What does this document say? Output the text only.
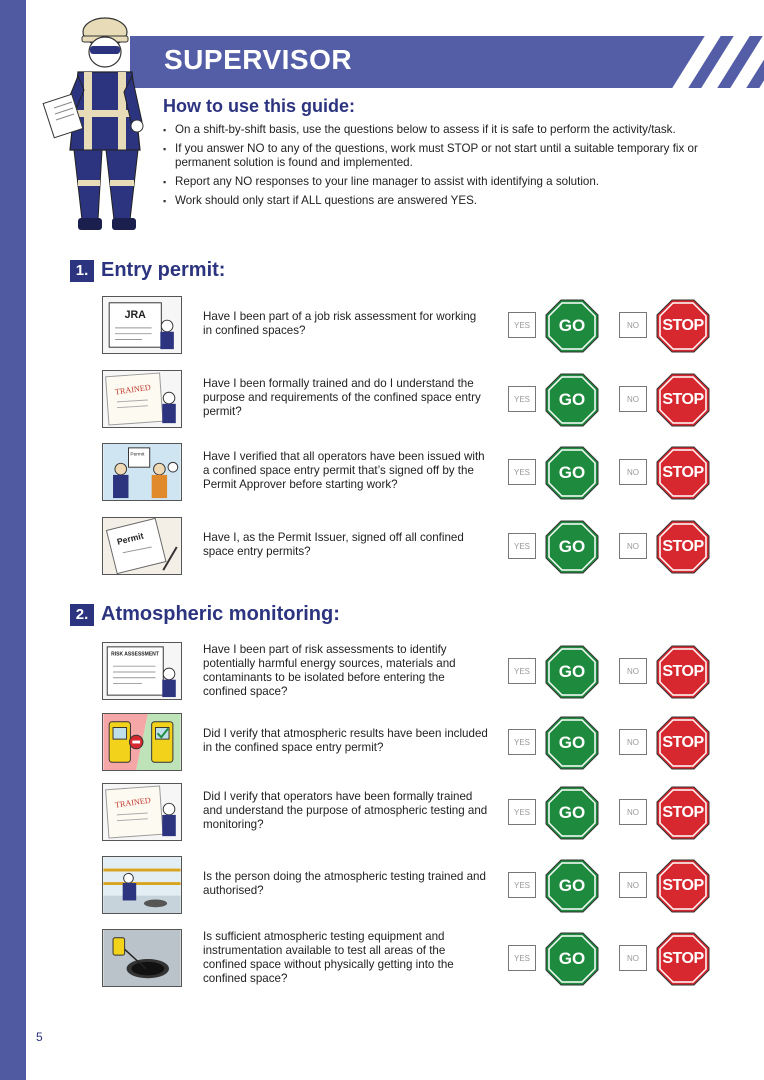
SUPERVISOR
How to use this guide:
▪ On a shift-by-shift basis, use the questions below to assess if it is safe to perform the activity/task.
▪ If you answer NO to any of the questions, work must STOP or not start until a suitable temporary fix or permanent solution is found and implemented.
▪ Report any NO responses to your line manager to assist with identifying a solution.
▪ Work should only start if ALL questions are answered YES.
1. Entry permit:
JRA	Have I been part of a job risk assessment for working in confined spaces?	YES	GO	NO	STOP
TRAINED	Have I been formally trained and do I understand the purpose and requirements of the confined space entry permit?
YES	GO	NO	STOP
Permit	Have I verified that all operators have been issued with a confined space entry permit that’s signed off by the Permit Approver before starting work?
YES	GO	NO	STOP
Permit	Have I, as the Permit Issuer, signed off all confined space entry permits?	YES	GO	NO	STOP
2. Atmospheric monitoring:
RISK ASSESSMENT	Have I been part of risk assessments to identify potentially harmful energy sources, materials and contaminants to be isolated before entering the confined space?
YES	GO	NO	STOP
Did I verify that atmospheric results have been included in the confined space entry permit?	YES	GO	NO	STOP
TRAINED	Did I verify that operators have been formally trained and understand the purpose of atmospheric testing and monitoring?
YES	GO	NO	STOP
Is the person doing the atmospheric testing trained and authorised?	YES	GO	NO	STOP
Is sufficient atmospheric testing equipment and instrumentation available to test all areas of the confined space without physically getting into the confined space?
YES	GO	NO	STOP
5
